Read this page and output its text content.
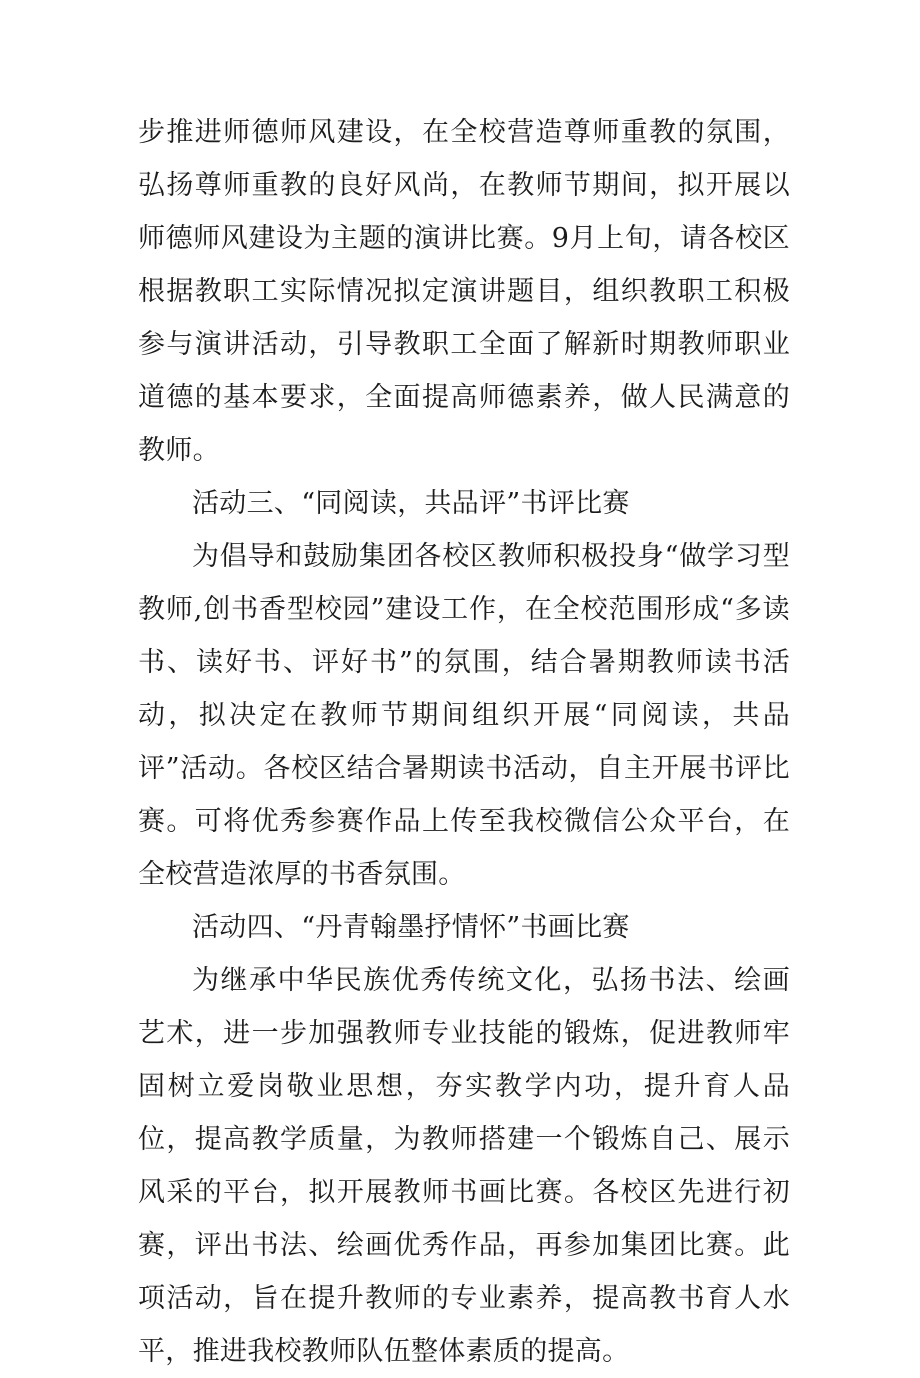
步推进师德师风建设，在全校营造尊师重教的氛围，弘扬尊师重教的良好风尚，在教师节期间，拟开展以师德师风建设为主题的演讲比赛。9月上旬，请各校区根据教职工实际情况拟定演讲题目，组织教职工积极参与演讲活动，引导教职工全面了解新时期教师职业道德的基本要求，全面提高师德素养，做人民满意的教师。

活动三、“同阅读，共品评”书评比赛

为倡导和鼓励集团各校区教师积极投身“做学习型教师,创书香型校园”建设工作，在全校范围形成“多读书、读好书、评好书”的氛围，结合暑期教师读书活动，拟决定在教师节期间组织开展“同阅读，共品评”活动。各校区结合暑期读书活动，自主开展书评比赛。可将优秀参赛作品上传至我校微信公众平台，在全校营造浓厚的书香氛围。

活动四、“丹青翰墨抒情怀”书画比赛

为继承中华民族优秀传统文化，弘扬书法、绘画艺术，进一步加强教师专业技能的锻炼，促进教师牢固树立爱岗敬业思想，夯实教学内功，提升育人品位，提高教学质量，为教师搭建一个锻炼自己、展示风采的平台，拟开展教师书画比赛。各校区先进行初赛，评出书法、绘画优秀作品，再参加集团比赛。此项活动，旨在提升教师的专业素养，提高教书育人水平，推进我校教师队伍整体素质的提高。
